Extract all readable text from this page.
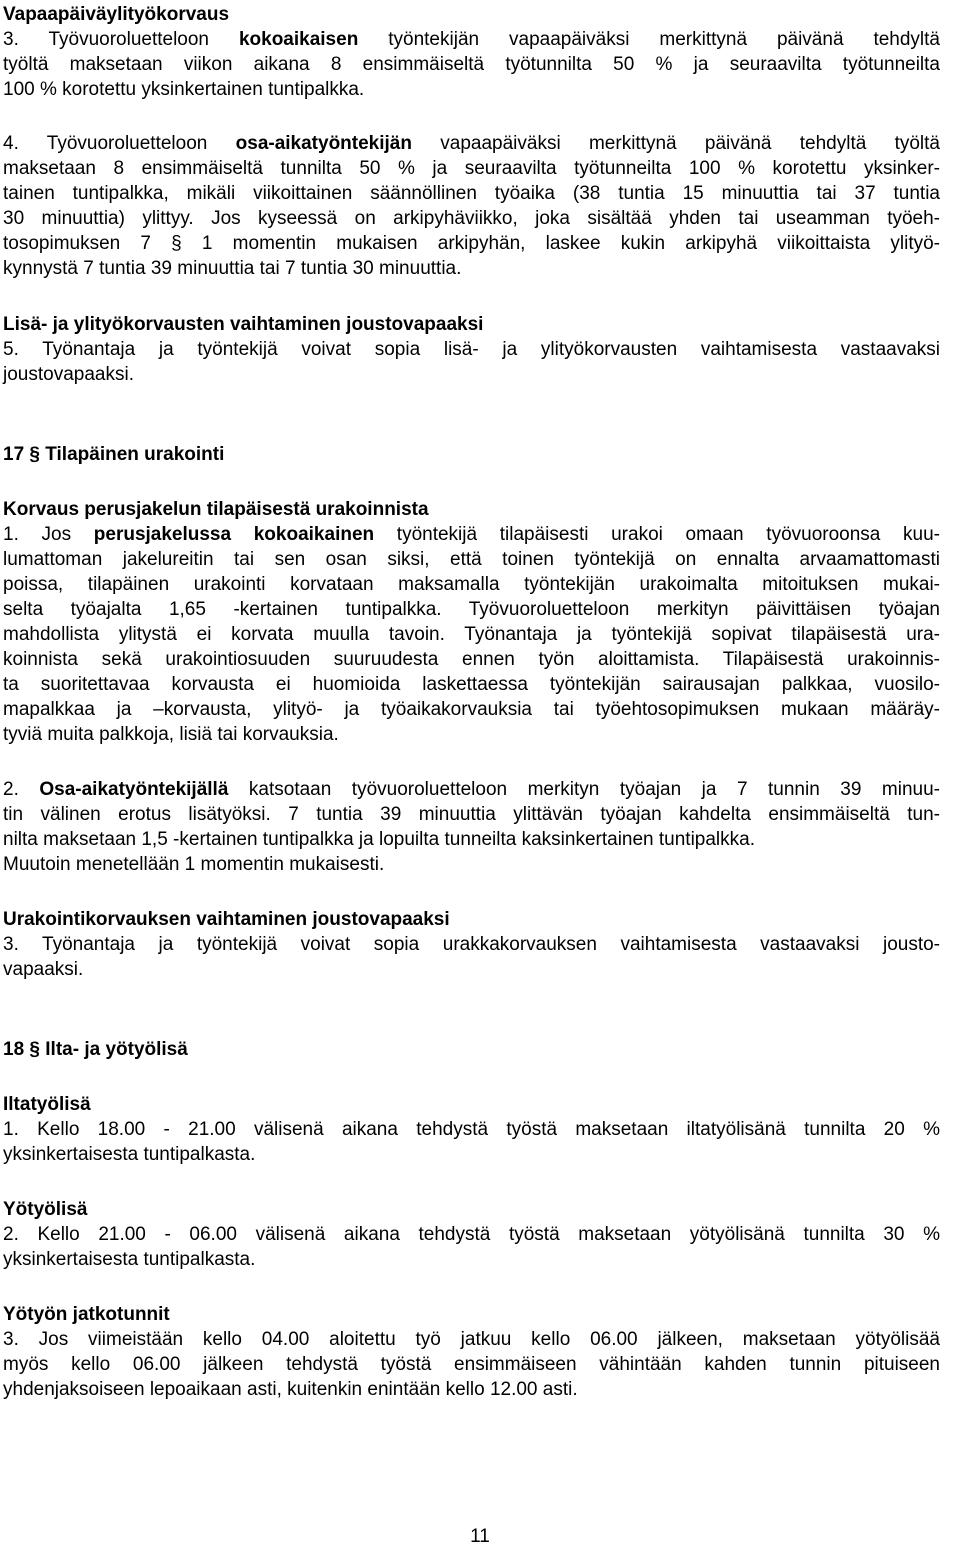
Vapaapäiväylityökorvaus

3. Työvuoroluetteloon kokoaikaisen työntekijän vapaapäiväksi merkittynä päivänä tehdyltä

työltä maksetaan viikon aikana 8 ensimmäiseltä työtunnilta 50 % ja seuraavilta työtunneilta

100 % korotettu yksinkertainen tuntipalkka.

4. Työvuoroluetteloon osa-aikatyöntekijän vapaapäiväksi merkittynä päivänä tehdyltä työltä

maksetaan 8 ensimmäiseltä tunnilta 50 % ja seuraavilta työtunneilta 100 % korotettu yksinker-

tainen tuntipalkka, mikäli viikoittainen säännöllinen työaika (38 tuntia 15 minuuttia tai 37 tuntia

30 minuuttia) ylittyy. Jos kyseessä on arkipyhäviikko, joka sisältää yhden tai useamman työeh-

tosopimuksen 7 § 1 momentin mukaisen arkipyhän, laskee kukin arkipyhä viikoittaista ylityö-

kynnystä 7 tuntia 39 minuuttia tai 7 tuntia 30 minuuttia.

Lisä- ja ylityökorvausten vaihtaminen joustovapaaksi

5. Työnantaja ja työntekijä voivat sopia lisä- ja ylityökorvausten vaihtamisesta vastaavaksi

joustovapaaksi.

17 § Tilapäinen urakointi

Korvaus perusjakelun tilapäisestä urakoinnista

1. Jos perusjakelussa kokoaikainen työntekijä tilapäisesti urakoi omaan työvuoroonsa kuu-

lumattoman jakelureitin tai sen osan siksi, että toinen työntekijä on ennalta arvaamattomasti

poissa, tilapäinen urakointi korvataan maksamalla työntekijän urakoimalta mitoituksen mukai-

selta työajalta 1,65 -kertainen tuntipalkka. Työvuoroluetteloon merkityn päivittäisen työajan

mahdollista ylitystä ei korvata muulla tavoin. Työnantaja ja työntekijä sopivat tilapäisestä ura-

koinnista sekä urakointiosuuden suuruudesta ennen työn aloittamista. Tilapäisestä urakoinnis-

ta suoritettavaa korvausta ei huomioida laskettaessa työntekijän sairausajan palkkaa, vuosilo-

mapalkkaa ja –korvausta, ylityö- ja työaikakorvauksia tai työehtosopimuksen mukaan määräy-

tyviä muita palkkoja, lisiä tai korvauksia.

2. Osa-aikatyöntekijällä katsotaan työvuoroluetteloon merkityn työajan ja 7 tunnin 39 minuu-

tin välinen erotus lisätyöksi. 7 tuntia 39 minuuttia ylittävän työajan kahdelta ensimmäiseltä tun-

nilta maksetaan 1,5 -kertainen tuntipalkka ja lopuilta tunneilta kaksinkertainen tuntipalkka.

Muutoin menetellään 1 momentin mukaisesti.

Urakointikorvauksen vaihtaminen joustovapaaksi

3. Työnantaja ja työntekijä voivat sopia urakkakorvauksen vaihtamisesta vastaavaksi jousto-

vapaaksi.

18 § Ilta- ja yötyölisä

Iltatyölisä

1. Kello 18.00 - 21.00 välisenä aikana tehdystä työstä maksetaan iltatyölisänä tunnilta 20 %

yksinkertaisesta tuntipalkasta.

Yötyölisä

2. Kello 21.00 - 06.00 välisenä aikana tehdystä työstä maksetaan yötyölisänä tunnilta 30 %

yksinkertaisesta tuntipalkasta.

Yötyön jatkotunnit

3. Jos viimeistään kello 04.00 aloitettu työ jatkuu kello 06.00 jälkeen, maksetaan yötyölisää

myös kello 06.00 jälkeen tehdystä työstä ensimmäiseen vähintään kahden tunnin pituiseen

yhdenjaksoiseen lepoaikaan asti, kuitenkin enintään kello 12.00 asti.

11
